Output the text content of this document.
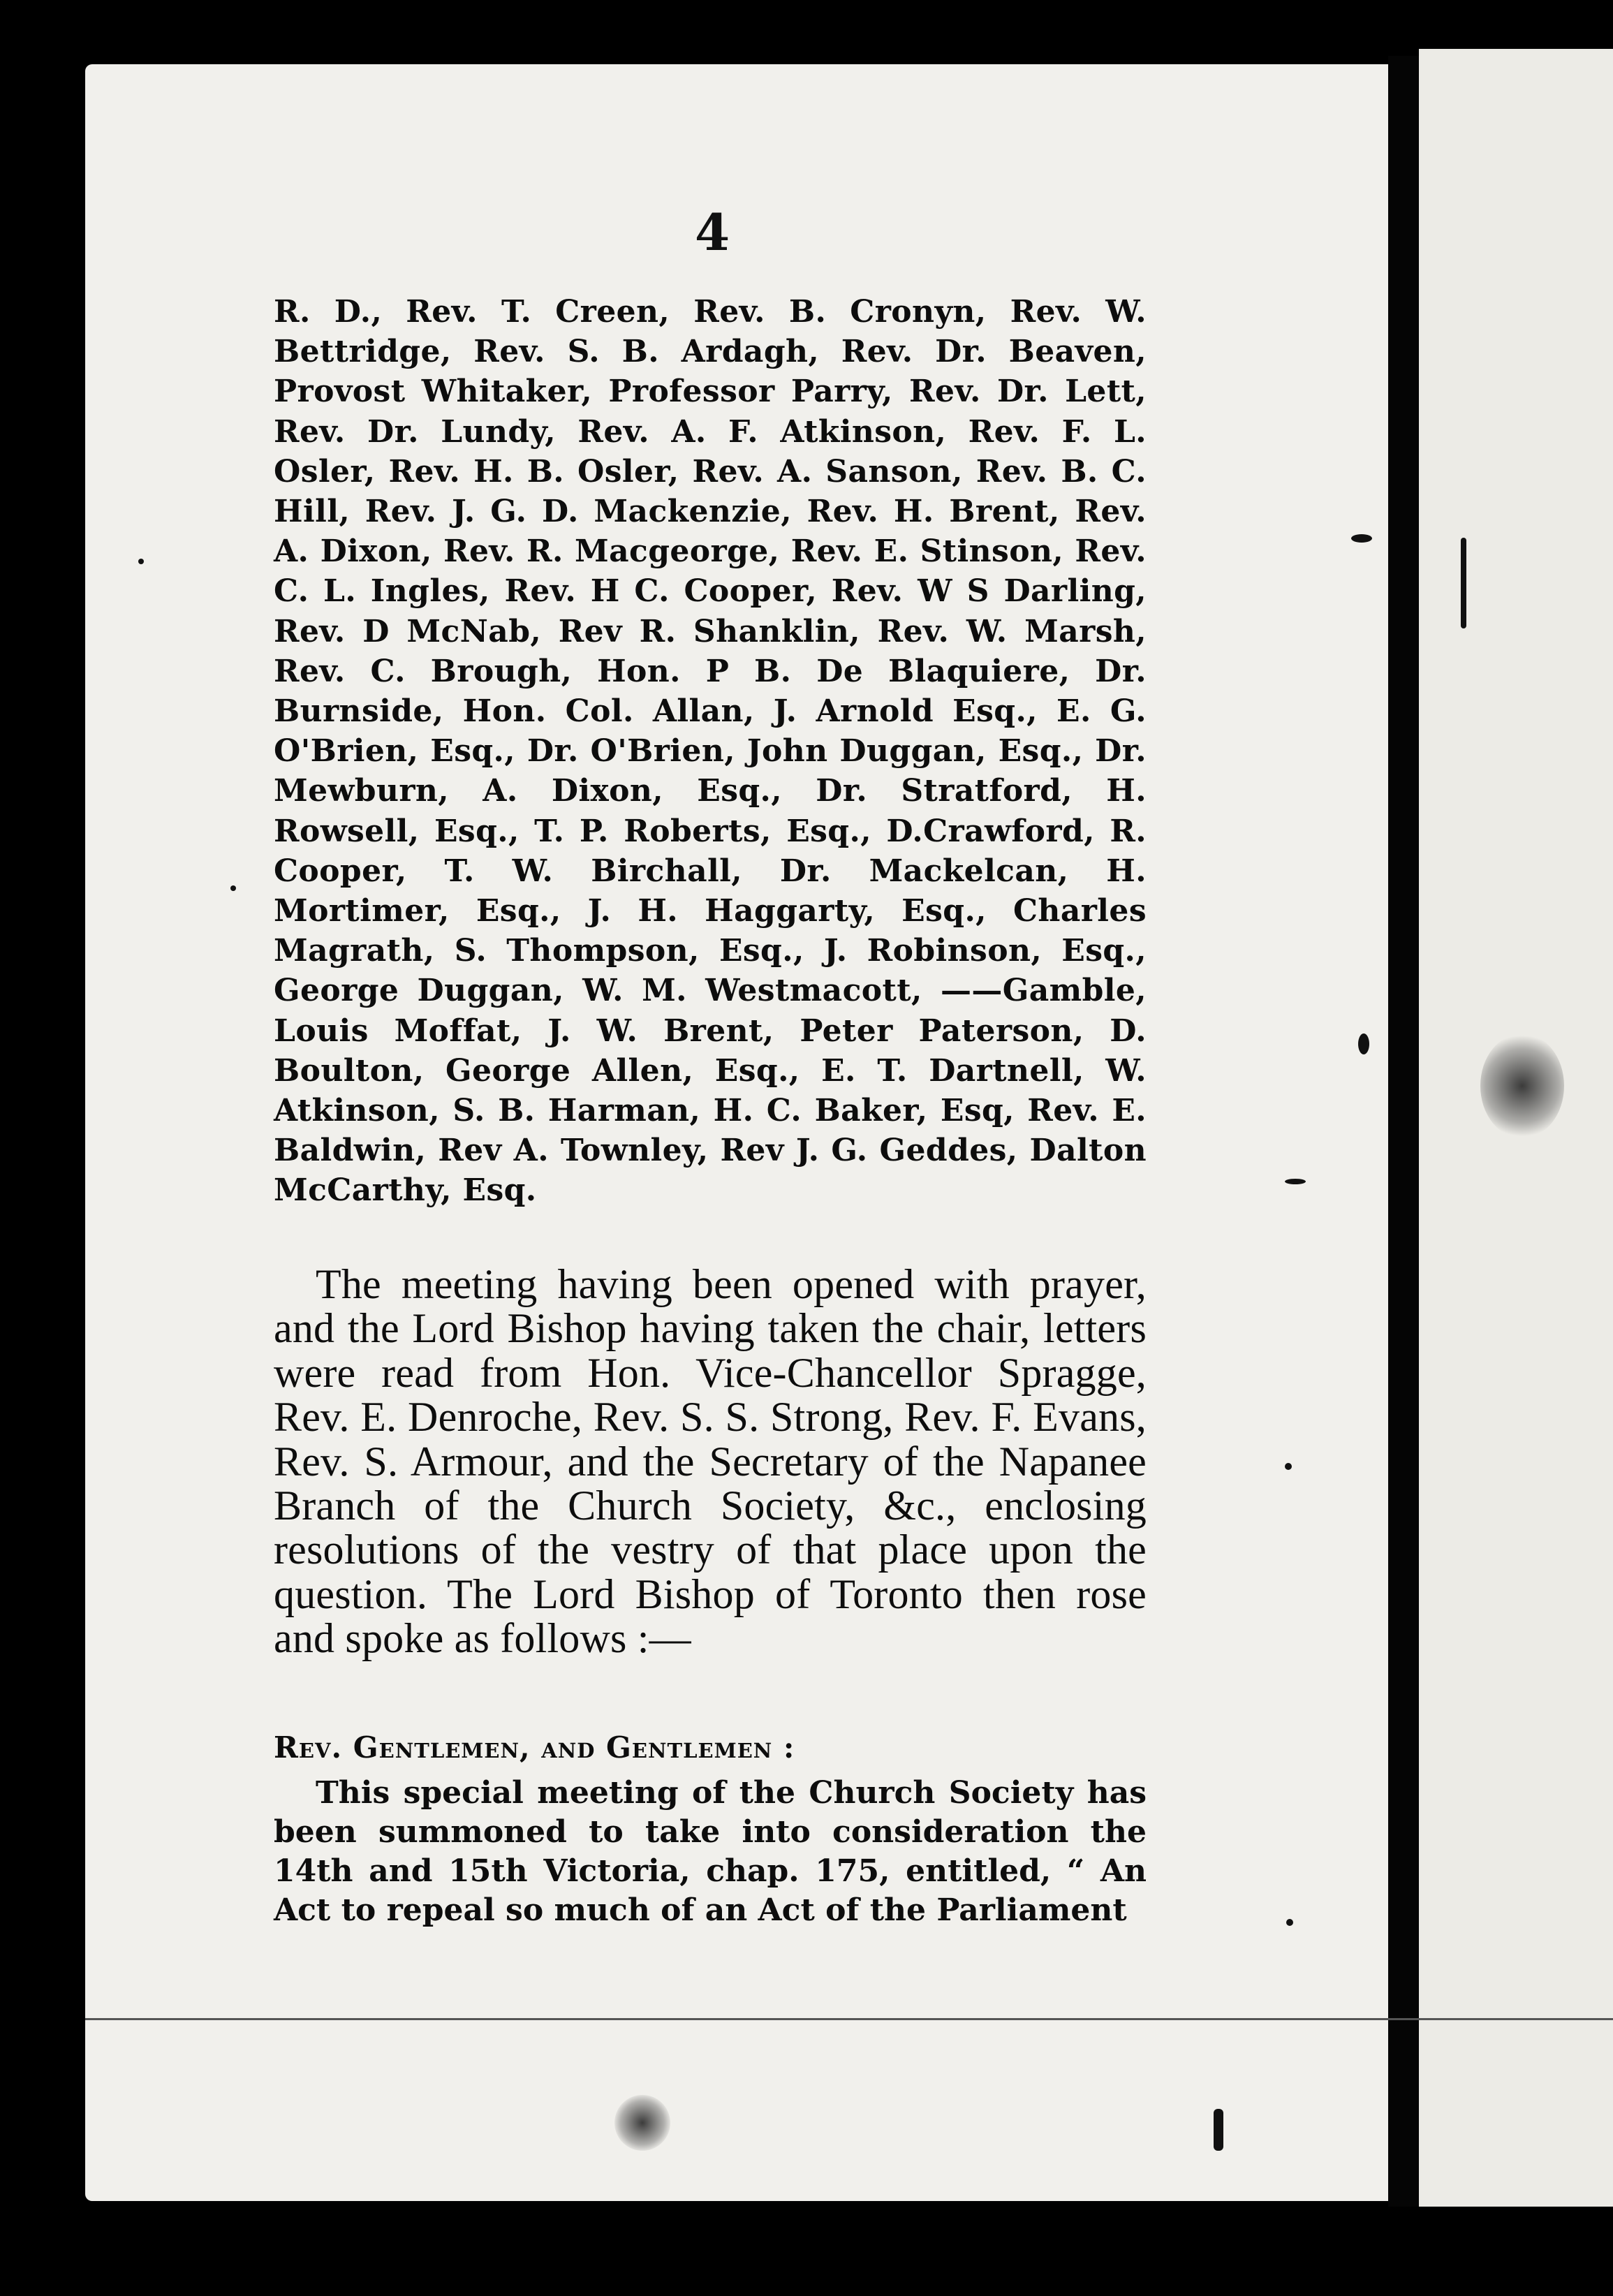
4

R. D., Rev. T. Creen, Rev. B. Cronyn, Rev. W. Bettridge, Rev. S. B. Ardagh, Rev. Dr. Beaven, Provost Whitaker, Professor Parry, Rev. Dr. Lett, Rev. Dr. Lundy, Rev. A. F. Atkinson, Rev. F. L. Osler, Rev. H. B. Osler, Rev. A. Sanson, Rev. B. C. Hill, Rev. J. G. D. Mackenzie, Rev. H. Brent, Rev. A. Dixon, Rev. R. Macgeorge, Rev. E. Stinson, Rev. C. L. Ingles, Rev. H C. Cooper, Rev. W S Darling, Rev. D McNab, Rev R. Shanklin, Rev. W. Marsh, Rev. C. Brough, Hon. P B. De Blaquiere, Dr. Burnside, Hon. Col. Allan, J. Arnold Esq., E. G. O'Brien, Esq., Dr. O'Brien, John Duggan, Esq., Dr. Mewburn, A. Dixon, Esq., Dr. Stratford, H. Rowsell, Esq., T. P. Roberts, Esq., D.Crawford, R. Cooper, T. W. Birchall, Dr. Mackelcan, H. Mortimer, Esq., J. H. Haggarty, Esq., Charles Magrath, S. Thompson, Esq., J. Robinson, Esq., George Duggan, W. M. Westmacott, ——Gamble, Louis Moffat, J. W. Brent, Peter Paterson, D. Boulton, George Allen, Esq., E. T. Dartnell, W. Atkinson, S. B. Harman, H. C. Baker, Esq, Rev. E. Baldwin, Rev A. Townley, Rev J. G. Geddes, Dalton McCarthy, Esq.

The meeting having been opened with prayer, and the Lord Bishop having taken the chair, letters were read from Hon. Vice-Chancellor Spragge, Rev. E. Denroche, Rev. S. S. Strong, Rev. F. Evans, Rev. S. Armour, and the Secretary of the Napanee Branch of the Church Society, &c., enclosing resolutions of the vestry of that place upon the question. The Lord Bishop of Toronto then rose and spoke as follows :—

Rev. Gentlemen, and Gentlemen :

This special meeting of the Church Society has been summoned to take into consideration the 14th and 15th Victoria, chap. 175, entitled, “ An Act to repeal so much of an Act of the Parliament
